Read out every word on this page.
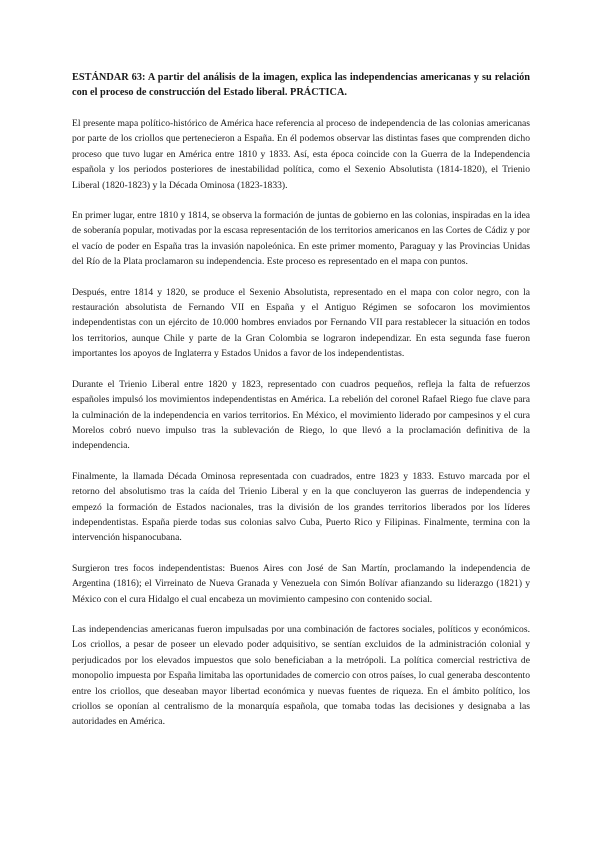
ESTÁNDAR 63: A partir del análisis de la imagen, explica las independencias americanas y su relación con el proceso de construcción del Estado liberal. PRÁCTICA.

El presente mapa político-histórico de América hace referencia al proceso de independencia de las colonias americanas por parte de los criollos que pertenecieron a España. En él podemos observar las distintas fases que comprenden dicho proceso que tuvo lugar en América entre 1810 y 1833. Así, esta época coincide con la Guerra de la Independencia española y los periodos posteriores de inestabilidad política, como el Sexenio Absolutista (1814-1820), el Trienio Liberal (1820-1823) y la Década Ominosa (1823-1833).

En primer lugar, entre 1810 y 1814, se observa la formación de juntas de gobierno en las colonias, inspiradas en la idea de soberanía popular, motivadas por la escasa representación de los territorios americanos en las Cortes de Cádiz y por el vacío de poder en España tras la invasión napoleónica. En este primer momento, Paraguay y las Provincias Unidas del Río de la Plata proclamaron su independencia. Este proceso es representado en el mapa con puntos.

Después, entre 1814 y 1820, se produce el Sexenio Absolutista, representado en el mapa con color negro, con la restauración absolutista de Fernando VII en España y el Antiguo Régimen se sofocaron los movimientos independentistas con un ejército de 10.000 hombres enviados por Fernando VII para restablecer la situación en todos los territorios, aunque Chile y parte de la Gran Colombia se lograron independizar. En esta segunda fase fueron importantes los apoyos de Inglaterra y Estados Unidos a favor de los independentistas.

Durante el Trienio Liberal entre 1820 y 1823, representado con cuadros pequeños, refleja la falta de refuerzos españoles impulsó los movimientos independentistas en América. La rebelión del coronel Rafael Riego fue clave para la culminación de la independencia en varios territorios. En México, el movimiento liderado por campesinos y el cura Morelos cobró nuevo impulso tras la sublevación de Riego, lo que llevó a la proclamación definitiva de la independencia.

Finalmente, la llamada Década Ominosa representada con cuadrados, entre 1823 y 1833. Estuvo marcada por el retorno del absolutismo tras la caída del Trienio Liberal y en la que concluyeron las guerras de independencia y empezó la formación de Estados nacionales, tras la división de los grandes territorios liberados por los líderes independentistas. España pierde todas sus colonias salvo Cuba, Puerto Rico y Filipinas. Finalmente, termina con la intervención hispanocubana.

Surgieron tres focos independentistas: Buenos Aires con José de San Martín, proclamando la independencia de Argentina (1816); el Virreinato de Nueva Granada y Venezuela con Simón Bolívar afianzando su liderazgo (1821) y México con el cura Hidalgo el cual encabeza un movimiento campesino con contenido social.

Las independencias americanas fueron impulsadas por una combinación de factores sociales, políticos y económicos. Los criollos, a pesar de poseer un elevado poder adquisitivo, se sentían excluidos de la administración colonial y perjudicados por los elevados impuestos que solo beneficiaban a la metrópoli. La política comercial restrictiva de monopolio impuesta por España limitaba las oportunidades de comercio con otros países, lo cual generaba descontento entre los criollos, que deseaban mayor libertad económica y nuevas fuentes de riqueza. En el ámbito político, los criollos se oponían al centralismo de la monarquía española, que tomaba todas las decisiones y designaba a las autoridades en América.
